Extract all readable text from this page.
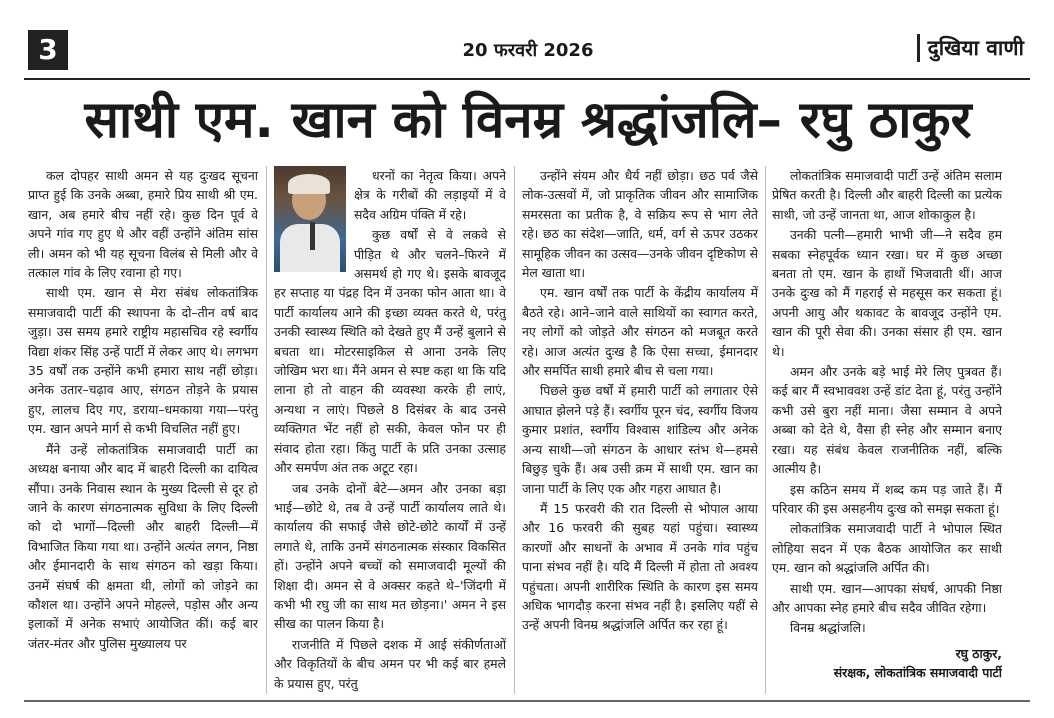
3	20 फरवरी 2026	दुखिया वाणी
साथी एम. खान को विनम्र श्रद्धांजलि– रघु ठाकुर

कल दोपहर साथी अमन से यह दुःखद सूचना प्राप्त हुई कि उनके अब्बा, हमारे प्रिय साथी श्री एम. खान, अब हमारे बीच नहीं रहे। कुछ दिन पूर्व वे अपने गांव गए हुए थे और वहीं उन्होंने अंतिम सांस ली। अमन को भी यह सूचना विलंब से मिली और वे तत्काल गांव के लिए रवाना हो गए।

साथी एम. खान से मेरा संबंध लोकतांत्रिक समाजवादी पार्टी की स्थापना के दो–तीन वर्ष बाद जुड़ा। उस समय हमारे राष्ट्रीय महासचिव रहे स्वर्गीय विद्या शंकर सिंह उन्हें पार्टी में लेकर आए थे। लगभग 35 वर्षों तक उन्होंने कभी हमारा साथ नहीं छोड़ा। अनेक उतार–चढ़ाव आए, संगठन तोड़ने के प्रयास हुए, लालच दिए गए, डराया–धमकाया गया—परंतु एम. खान अपने मार्ग से कभी विचलित नहीं हुए।

मैंने उन्हें लोकतांत्रिक समाजवादी पार्टी का अध्यक्ष बनाया और बाद में बाहरी दिल्ली का दायित्व सौंपा। उनके निवास स्थान के मुख्य दिल्ली से दूर हो जाने के कारण संगठनात्मक सुविधा के लिए दिल्ली को दो भागों—दिल्ली और बाहरी दिल्ली—में विभाजित किया गया था। उन्होंने अत्यंत लगन, निष्ठा और ईमानदारी के साथ संगठन को खड़ा किया। उनमें संघर्ष की क्षमता थी, लोगों को जोड़ने का कौशल था। उन्होंने अपने मोहल्ले, पड़ोस और अन्य इलाकों में अनेक सभाएं आयोजित कीं। कई बार जंतर-मंतर और पुलिस मुख्यालय पर

धरनों का नेतृत्व किया। अपने क्षेत्र के गरीबों की लड़ाइयों में वे सदैव अग्रिम पंक्ति में रहे।

कुछ वर्षों से वे लकवे से पीड़ित थे और चलने–फिरने में असमर्थ हो गए थे। इसके बावजूद हर सप्ताह या पंद्रह दिन में उनका फोन आता था। वे पार्टी कार्यालय आने की इच्छा व्यक्त करते थे, परंतु उनकी स्वास्थ्य स्थिति को देखते हुए मैं उन्हें बुलाने से बचता था। मोटरसाइकिल से आना उनके लिए जोखिम भरा था। मैंने अमन से स्पष्ट कहा था कि यदि लाना हो तो वाहन की व्यवस्था करके ही लाएं, अन्यथा न लाएं। पिछले 8 दिसंबर के बाद उनसे व्यक्तिगत भेंट नहीं हो सकी, केवल फोन पर ही संवाद होता रहा। किंतु पार्टी के प्रति उनका उत्साह और समर्पण अंत तक अटूट रहा।

जब उनके दोनों बेटे—अमन और उनका बड़ा भाई—छोटे थे, तब वे उन्हें पार्टी कार्यालय लाते थे। कार्यालय की सफाई जैसे छोटे-छोटे कार्यों में उन्हें लगाते थे, ताकि उनमें संगठनात्मक संस्कार विकसित हों। उन्होंने अपने बच्चों को समाजवादी मूल्यों की शिक्षा दी। अमन से वे अक्सर कहते थे–'जिंदगी में कभी भी रघु जी का साथ मत छोड़ना।' अमन ने इस सीख का पालन किया है।

राजनीति में पिछले दशक में आई संकीर्णताओं और विकृतियों के बीच अमन पर भी कई बार हमले के प्रयास हुए, परंतु

उन्होंने संयम और धैर्य नहीं छोड़ा। छठ पर्व जैसे लोक-उत्सवों में, जो प्राकृतिक जीवन और सामाजिक समरसता का प्रतीक है, वे सक्रिय रूप से भाग लेते रहे। छठ का संदेश—जाति, धर्म, वर्ग से ऊपर उठकर सामूहिक जीवन का उत्सव—उनके जीवन दृष्टिकोण से मेल खाता था।

एम. खान वर्षों तक पार्टी के केंद्रीय कार्यालय में बैठते रहे। आने–जाने वाले साथियों का स्वागत करते, नए लोगों को जोड़ते और संगठन को मजबूत करते रहे। आज अत्यंत दुःख है कि ऐसा सच्चा, ईमानदार और समर्पित साथी हमारे बीच से चला गया।

पिछले कुछ वर्षों में हमारी पार्टी को लगातार ऐसे आघात झेलने पड़े हैं। स्वर्गीय पूरन चंद, स्वर्गीय विजय कुमार प्रशांत, स्वर्गीय विश्वास शांडिल्य और अनेक अन्य साथी—जो संगठन के आधार स्तंभ थे—हमसे बिछुड़ चुके हैं। अब उसी क्रम में साथी एम. खान का जाना पार्टी के लिए एक और गहरा आघात है।

मैं 15 फरवरी की रात दिल्ली से भोपाल आया और 16 फरवरी की सुबह यहां पहुंचा। स्वास्थ्य कारणों और साधनों के अभाव में उनके गांव पहुंच पाना संभव नहीं है। यदि मैं दिल्ली में होता तो अवश्य पहुंचता। अपनी शारीरिक स्थिति के कारण इस समय अधिक भागदौड़ करना संभव नहीं है। इसलिए यहीं से उन्हें अपनी विनम्र श्रद्धांजलि अर्पित कर रहा हूं।

लोकतांत्रिक समाजवादी पार्टी उन्हें अंतिम सलाम प्रेषित करती है। दिल्ली और बाहरी दिल्ली का प्रत्येक साथी, जो उन्हें जानता था, आज शोकाकुल है।

उनकी पत्नी—हमारी भाभी जी—ने सदैव हम सबका स्नेहपूर्वक ध्यान रखा। घर में कुछ अच्छा बनता तो एम. खान के हाथों भिजवाती थीं। आज उनके दुःख को मैं गहराई से महसूस कर सकता हूं। अपनी आयु और थकावट के बावजूद उन्होंने एम. खान की पूरी सेवा की। उनका संसार ही एम. खान थे।

अमन और उनके बड़े भाई मेरे लिए पुत्रवत हैं। कई बार मैं स्वभाववश उन्हें डांट देता हूं, परंतु उन्होंने कभी उसे बुरा नहीं माना। जैसा सम्मान वे अपने अब्बा को देते थे, वैसा ही स्नेह और सम्मान बनाए रखा। यह संबंध केवल राजनीतिक नहीं, बल्कि आत्मीय है।

इस कठिन समय में शब्द कम पड़ जाते हैं। मैं परिवार की इस असहनीय दुःख को समझ सकता हूं।

लोकतांत्रिक समाजवादी पार्टी ने भोपाल स्थित लोहिया सदन में एक बैठक आयोजित कर साथी एम. खान को श्रद्धांजलि अर्पित की।

साथी एम. खान—आपका संघर्ष, आपकी निष्ठा और आपका स्नेह हमारे बीच सदैव जीवित रहेगा।

विनम्र श्रद्धांजलि।

रघु ठाकुर,

संरक्षक, लोकतांत्रिक समाजवादी पार्टी
